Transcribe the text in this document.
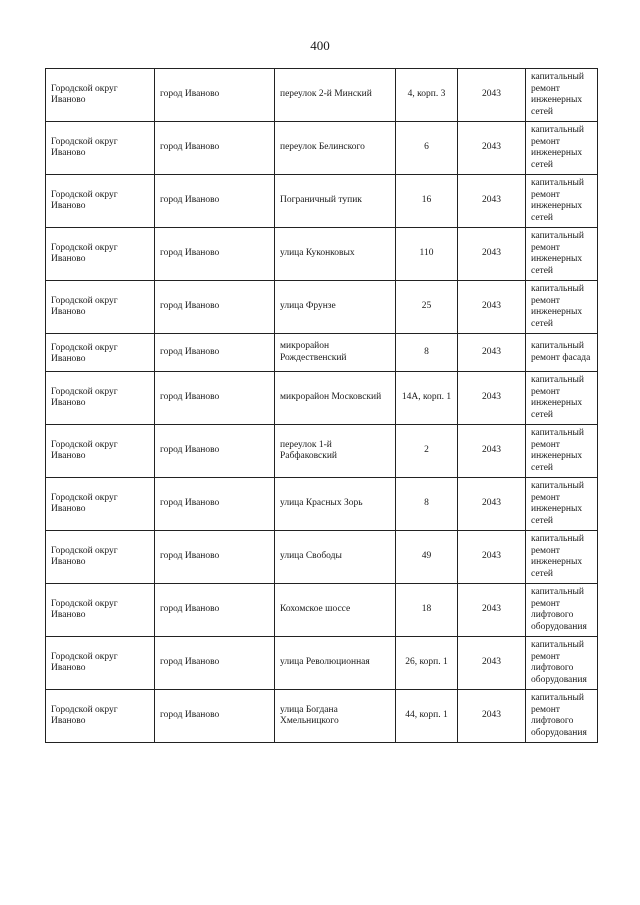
400
Городской округ Иваново	город Иваново	переулок 2-й Минский	4, корп. 3	2043	капитальный ремонт инженерных сетей
Городской округ Иваново	город Иваново	переулок Белинского	6	2043	капитальный ремонт инженерных сетей
Городской округ Иваново	город Иваново	Пограничный тупик	16	2043	капитальный ремонт инженерных сетей
Городской округ Иваново	город Иваново	улица Куконковых	110	2043	капитальный ремонт инженерных сетей
Городской округ Иваново	город Иваново	улица Фрунзе	25	2043	капитальный ремонт инженерных сетей
Городской округ Иваново	город Иваново	микрорайон Рождественский	8	2043	капитальный ремонт фасада
Городской округ Иваново	город Иваново	микрорайон Московский	14А, корп. 1	2043	капитальный ремонт инженерных сетей
Городской округ Иваново	город Иваново	переулок 1-й Рабфаковский	2	2043	капитальный ремонт инженерных сетей
Городской округ Иваново	город Иваново	улица Красных Зорь	8	2043	капитальный ремонт инженерных сетей
Городской округ Иваново	город Иваново	улица Свободы	49	2043	капитальный ремонт инженерных сетей
Городской округ Иваново	город Иваново	Кохомское шоссе	18	2043	капитальный ремонт лифтового оборудования
Городской округ Иваново	город Иваново	улица Революционная	26, корп. 1	2043	капитальный ремонт лифтового оборудования
Городской округ Иваново	город Иваново	улица Богдана Хмельницкого	44, корп. 1	2043	капитальный ремонт лифтового оборудования
